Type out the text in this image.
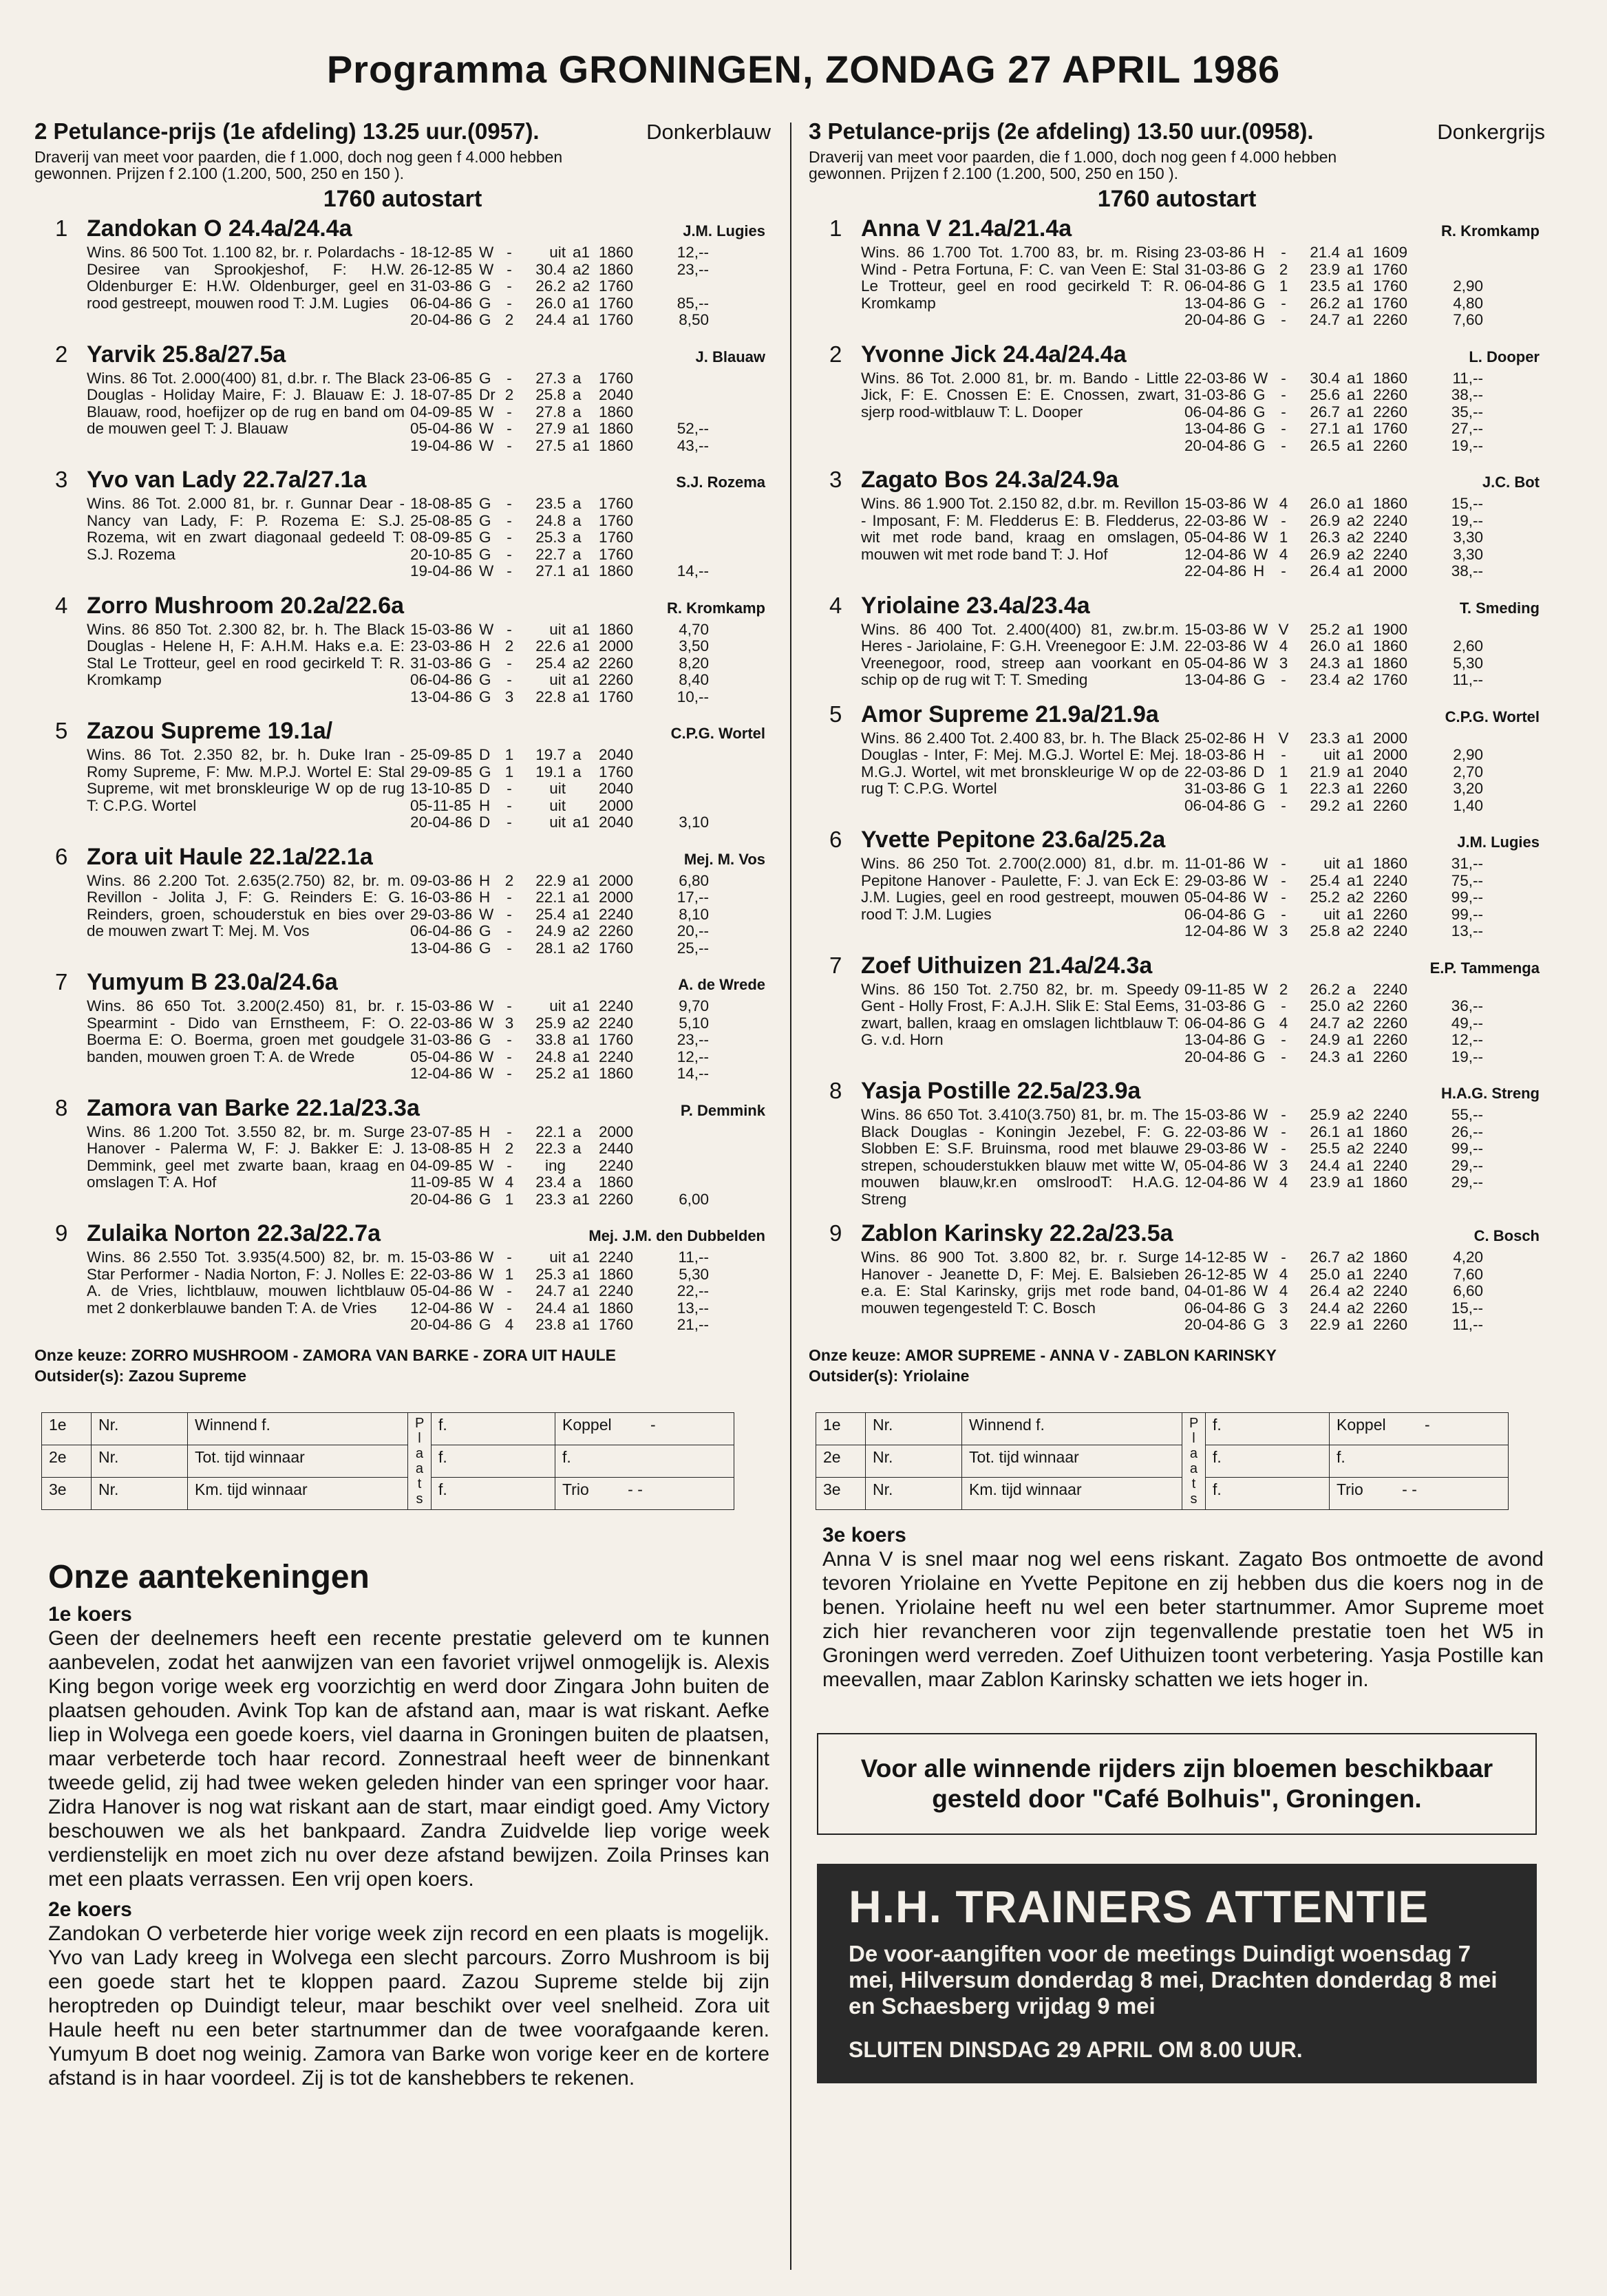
Programma GRONINGEN, ZONDAG 27 APRIL 1986
2 Petulance-prijs (1e afdeling) 13.25 uur.(0957).	Donkerblauw
Draverij van meet voor paarden, die f 1.000, doch nog geen f 4.000 hebben gewonnen. Prijzen f 2.100 (1.200, 500, 250 en 150 ).
1760 autostart
1 Zandokan O 24.4a/24.4a	J.M. Lugies
Wins. 86 500 Tot. 1.100 82, br. r. Polardachs - Desiree van Sprookjeshof, F: H.W. Oldenburger E: H.W. Oldenburger, geel en rood gestreept, mouwen rood T: J.M. Lugies
18-12-85 W -	uit a1 1860	12,--
26-12-85 W -	30.4 a2 1860	23,--
31-03-86 G	-	26.2 a2 1760
06-04-86 G	-	26.0 a1 1760	85,--
20-04-86 G 2	24.4 a1 1760	8,50
2 Yarvik 25.8a/27.5a	J. Blauaw
Wins. 86 Tot. 2.000(400) 81, d.br. r. The Black Douglas - Holiday Maire, F: J. Blauaw E: J. Blauaw, rood, hoefijzer op de rug en band om de mouwen geel T: J. Blauaw
23-06-85 G	-	27.3 a	1760
18-07-85 Dr 2	25.8 a	2040
04-09-85 W -	27.8 a	1860
05-04-86 W -	27.9 a1 1860	52,--
19-04-86 W -	27.5 a1 1860	43,--
3 Yvo van Lady 22.7a/27.1a	S.J. Rozema
Wins. 86 Tot. 2.000 81, br. r. Gunnar Dear - Nancy van Lady, F: P. Rozema E: S.J. Rozema, wit en zwart diagonaal gedeeld T: S.J. Rozema
18-08-85 G	-	23.5 a	1760
25-08-85 G	-	24.8 a	1760
08-09-85 G	-	25.3 a	1760
20-10-85 G	-	22.7 a	1760
19-04-86 W -	27.1 a1 1860	14,--
4 Zorro Mushroom 20.2a/22.6a	R. Kromkamp
Wins. 86 850 Tot. 2.300 82, br. h. The Black Douglas - Helene H, F: A.H.M. Haks e.a. E: Stal Le Trotteur, geel en rood gecirkeld T: R. Kromkamp
15-03-86 W -	uit a1 1860	4,70
23-03-86 H 2	22.6 a1 2000	3,50
31-03-86 G	-	25.4 a2 2260	8,20
06-04-86 G	-	uit a1 2260	8,40
13-04-86 G 3	22.8 a1 1760	10,--
5 Zazou Supreme 19.1a/	C.P.G. Wortel
Wins. 86 Tot. 2.350 82, br. h. Duke Iran - Romy Supreme, F: Mw. M.P.J. Wortel E: Stal Supreme, wit met bronskleurige W op de rug T: C.P.G. Wortel
25-09-85 D 1	19.7 a	2040
29-09-85 G 1	19.1 a	1760
13-10-85 D	-	uit	2040
05-11-85 H	-	uit	2000
20-04-86 D	-	uit a1 2040	3,10
6 Zora uit Haule 22.1a/22.1a	Mej. M. Vos
Wins. 86 2.200 Tot. 2.635(2.750) 82, br. m. Revillon - Jolita J, F: G. Reinders E: G. Reinders, groen, schouderstuk en bies over de mouwen zwart T: Mej. M. Vos
09-03-86 H 2	22.9 a1 2000	6,80
16-03-86 H	-	22.1 a1 2000	17,--
29-03-86 W -	25.4 a1 2240	8,10
06-04-86 G	-	24.9 a2 2260	20,--
13-04-86 G	-	28.1 a2 1760	25,--
7 Yumyum B 23.0a/24.6a	A. de Wrede
Wins. 86 650 Tot. 3.200(2.450) 81, br. r. Spearmint - Dido van Ernstheem, F: O. Boerma E: O. Boerma, groen met goudgele banden, mouwen groen T: A. de Wrede
15-03-86 W -	uit a1 2240	9,70
22-03-86 W 3	25.9 a2 2240	5,10
31-03-86 G	-	33.8 a1 1760	23,--
05-04-86 W -	24.8 a1 2240	12,--
12-04-86 W -	25.2 a1 1860	14,--
8 Zamora van Barke 22.1a/23.3a	P. Demmink
Wins. 86 1.200 Tot. 3.550 82, br. m. Surge Hanover - Palerma W, F: J. Bakker E: J. Demmink, geel met zwarte baan, kraag en omslagen T: A. Hof
23-07-85 H	-	22.1 a	2000
13-08-85 H 2	22.3 a	2440
04-09-85 W -	ing	2240
11-09-85 W 4	23.4 a	1860
20-04-86 G 1	23.3 a1 2260	6,00
9 Zulaika Norton 22.3a/22.7a	Mej. J.M. den Dubbelden
Wins. 86 2.550 Tot. 3.935(4.500) 82, br. m. Star Performer - Nadia Norton, F: J. Nolles E: A. de Vries, lichtblauw, mouwen lichtblauw met 2 donkerblauwe banden T: A. de Vries
15-03-86 W -	uit a1 2240	11,--
22-03-86 W 1	25.3 a1 1860	5,30
05-04-86 W -	24.7 a1 2240	22,--
12-04-86 W -	24.4 a1 1860	13,--
20-04-86 G 4	23.8 a1 1760	21,--
Onze keuze: ZORRO MUSHROOM - ZAMORA VAN BARKE - ZORA UIT HAULE
Outsider(s): Zazou Supreme
1e	Nr.	Winnend f.	P l a a t s	f.	Koppel -
2e	Nr.	Tot. tijd winnaar		f.	f.
3e	Nr.	Km. tijd winnaar		f.	Trio - -
Onze aantekeningen
1e koers
Geen der deelnemers heeft een recente prestatie geleverd om te kunnen aanbevelen, zodat het aanwijzen van een favoriet vrijwel onmogelijk is. Alexis King begon vorige week erg voorzichtig en werd door Zingara John buiten de plaatsen gehouden. Avink Top kan de afstand aan, maar is wat riskant. Aefke liep in Wolvega een goede koers, viel daarna in Groningen buiten de plaatsen, maar verbeterde toch haar record. Zonnestraal heeft weer de binnenkant tweede gelid, zij had twee weken geleden hinder van een springer voor haar. Zidra Hanover is nog wat riskant aan de start, maar eindigt goed. Amy Victory beschouwen we als het bankpaard. Zandra Zuidvelde liep vorige week verdienstelijk en moet zich nu over deze afstand bewijzen. Zoila Prinses kan met een plaats verrassen. Een vrij open koers.
2e koers
Zandokan O verbeterde hier vorige week zijn record en een plaats is mogelijk. Yvo van Lady kreeg in Wolvega een slecht parcours. Zorro Mushroom is bij een goede start het te kloppen paard. Zazou Supreme stelde bij zijn heroptreden op Duindigt teleur, maar beschikt over veel snelheid. Zora uit Haule heeft nu een beter startnummer dan de twee voorafgaande keren. Yumyum B doet nog weinig. Zamora van Barke won vorige keer en de kortere afstand is in haar voordeel. Zij is tot de kanshebbers te rekenen.
3 Petulance-prijs (2e afdeling) 13.50 uur.(0958).	Donkergrijs
Draverij van meet voor paarden, die f 1.000, doch nog geen f 4.000 hebben gewonnen. Prijzen f 2.100 (1.200, 500, 250 en 150 ).
1760 autostart
1 Anna V 21.4a/21.4a	R. Kromkamp
Wins. 86 1.700 Tot. 1.700 83, br. m. Rising Wind - Petra Fortuna, F: C. van Veen E: Stal Le Trotteur, geel en rood gecirkeld T: R. Kromkamp
23-03-86 H	-	21.4 a1 1609
31-03-86 G 2	23.9 a1 1760
06-04-86 G 1	23.5 a1 1760	2,90
13-04-86 G	-	26.2 a1 1760	4,80
20-04-86 G	-	24.7 a1 2260	7,60
2 Yvonne Jick 24.4a/24.4a	L. Dooper
Wins. 86 Tot. 2.000 81, br. m. Bando - Little Jick, F: E. Cnossen E: E. Cnossen, zwart, sjerp rood-witblauw T: L. Dooper
22-03-86 W -	30.4 a1 1860	11,--
31-03-86 G	-	25.6 a1 2260	38,--
06-04-86 G	-	26.7 a1 2260	35,--
13-04-86 G	-	27.1 a1 1760	27,--
20-04-86 G	-	26.5 a1 2260	19,--
3 Zagato Bos 24.3a/24.9a	J.C. Bot
Wins. 86 1.900 Tot. 2.150 82, d.br. m. Revillon - Imposant, F: M. Fledderus E: B. Fledderus, wit met rode band, kraag en omslagen, mouwen wit met rode band T: J. Hof
15-03-86 W 4	26.0 a1 1860	15,--
22-03-86 W -	26.9 a2 2240	19,--
05-04-86 W 1	26.3 a2 2240	3,30
12-04-86 W 4	26.9 a2 2240	3,30
22-04-86 H	-	26.4 a1 2000	38,--
4 Yriolaine 23.4a/23.4a	T. Smeding
Wins. 86 400 Tot. 2.400(400) 81, zw.br.m. Heres - Jariolaine, F: G.H. Vreenegoor E: J.M. Vreenegoor, rood, streep aan voorkant en schip op de rug wit T: T. Smeding
15-03-86 W V	25.2 a1 1900
22-03-86 W 4	26.0 a1 1860	2,60
05-04-86 W 3	24.3 a1 1860	5,30
13-04-86 G	-	23.4 a2 1760	11,--
5 Amor Supreme 21.9a/21.9a	C.P.G. Wortel
Wins. 86 2.400 Tot. 2.400 83, br. h. The Black Douglas - Inter, F: Mej. M.G.J. Wortel E: Mej. M.G.J. Wortel, wit met bronskleurige W op de rug T: C.P.G. Wortel
25-02-86 H V	23.3 a1 2000
18-03-86 H	-	uit a1 2000	2,90
22-03-86 D 1	21.9 a1 2040	2,70
31-03-86 G 1	22.3 a1 2260	3,20
06-04-86 G	-	29.2 a1 2260	1,40
6 Yvette Pepitone 23.6a/25.2a	J.M. Lugies
Wins. 86 250 Tot. 2.700(2.000) 81, d.br. m. Pepitone Hanover - Paulette, F: J. van Eck E: J.M. Lugies, geel en rood gestreept, mouwen rood T: J.M. Lugies
11-01-86 W -	uit a1 1860	31,--
29-03-86 W -	25.4 a1 2240	75,--
05-04-86 W -	25.2 a2 2260	99,--
06-04-86 G	-	uit a1 2260	99,--
12-04-86 W 3	25.8 a2 2240	13,--
7 Zoef Uithuizen 21.4a/24.3a	E.P. Tammenga
Wins. 86 150 Tot. 2.750 82, br. m. Speedy Gent - Holly Frost, F: A.J.H. Slik E: Stal Eems, zwart, ballen, kraag en omslagen lichtblauw T: G. v.d. Horn
09-11-85 W 2	26.2 a	2240
31-03-86 G	-	25.0 a2 2260	36,--
06-04-86 G 4	24.7 a2 2260	49,--
13-04-86 G	-	24.9 a1 2260	12,--
20-04-86 G	-	24.3 a1 2260	19,--
8 Yasja Postille 22.5a/23.9a	H.A.G. Streng
Wins. 86 650 Tot. 3.410(3.750) 81, br. m. The Black Douglas - Koningin Jezebel, F: G. Slobben E: S.F. Bruinsma, rood met blauwe strepen, schouderstukken blauw met witte W, mouwen blauw,kr.en omslroodT: H.A.G. Streng
15-03-86 W -	25.9 a2 2240	55,--
22-03-86 W -	26.1 a1 1860	26,--
29-03-86 W -	25.5 a2 2240	99,--
05-04-86 W 3	24.4 a1 2240	29,--
12-04-86 W 4	23.9 a1 1860	29,--
9 Zablon Karinsky 22.2a/23.5a	C. Bosch
Wins. 86 900 Tot. 3.800 82, br. r. Surge Hanover - Jeanette D, F: Mej. E. Balsieben e.a. E: Stal Karinsky, grijs met rode band, mouwen tegengesteld T: C. Bosch
14-12-85 W -	26.7 a2 1860	4,20
26-12-85 W 4	25.0 a1 2240	7,60
04-01-86 W 4	26.4 a2 2240	6,60
06-04-86 G 3	24.4 a2 2260	15,--
20-04-86 G 3	22.9 a1 2260	11,--
Onze keuze: AMOR SUPREME - ANNA V - ZABLON KARINSKY
Outsider(s): Yriolaine
1e	Nr.	Winnend f.	P l a a t s	f.	Koppel -
2e	Nr.	Tot. tijd winnaar		f.	f.
3e	Nr.	Km. tijd winnaar		f.	Trio - -
3e koers
Anna V is snel maar nog wel eens riskant. Zagato Bos ontmoette de avond tevoren Yriolaine en Yvette Pepitone en zij hebben dus die koers nog in de benen. Yriolaine heeft nu wel een beter startnummer. Amor Supreme moet zich hier revancheren voor zijn tegenvallende prestatie toen het W5 in Groningen werd verreden. Zoef Uithuizen toont verbetering. Yasja Postille kan meevallen, maar Zablon Karinsky schatten we iets hoger in.
Voor alle winnende rijders zijn bloemen beschikbaar gesteld door "Café Bolhuis", Groningen.
H.H. TRAINERS ATTENTIE
De voor-aangiften voor de meetings Duindigt woensdag 7 mei, Hilversum donderdag 8 mei, Drachten donderdag 8 mei en Schaesberg vrijdag 9 mei
SLUITEN DINSDAG 29 APRIL OM 8.00 UUR.
